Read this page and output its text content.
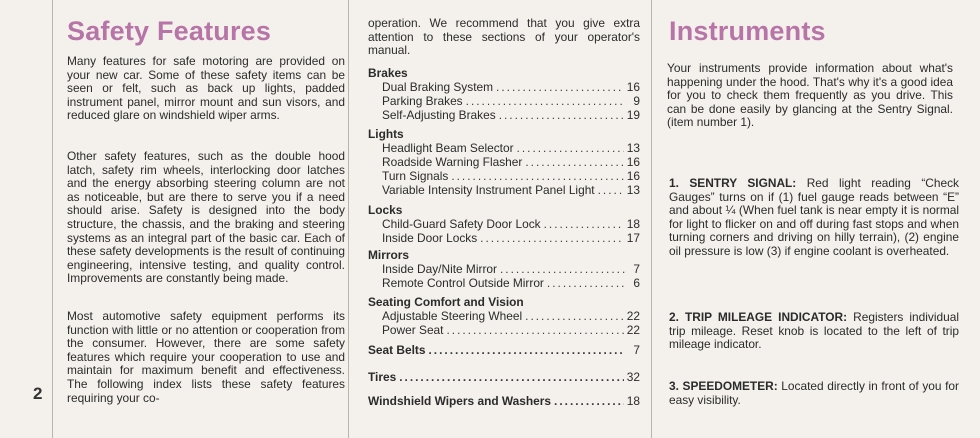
2
Safety Features

Many features for safe motoring are provided on your new car. Some of these safety items can be seen or felt, such as back up lights, padded instrument panel, mirror mount and sun visors, and reduced glare on windshield wiper arms.

Other safety features, such as the double hood latch, safety rim wheels, interlocking door latches and the energy absorbing steering column are not as noticeable, but are there to serve you if a need should arise. Safety is designed into the body structure, the chassis, and the braking and steering systems as an integral part of the basic car. Each of these safety developments is the result of continuing engineering, intensive testing, and quality control. Improvements are constantly being made.

Most automotive safety equipment performs its function with little or no attention or cooperation from the consumer. However, there are some safety features which require your cooperation to use and maintain for maximum benefit and effectiveness. The following index lists these safety features requiring your co-

operation. We recommend that you give extra attention to these sections of your operator's manual.

Brakes
Dual Braking System .....	16
Parking Brakes .....	9
Self-Adjusting Brakes .....	19
Lights
Headlight Beam Selector .....	13
Roadside Warning Flasher .....	16
Turn Signals .....	16
Variable Intensity Instrument Panel Light .....	13
Locks
Child-Guard Safety Door Lock .....	18
Inside Door Locks .....	17
Mirrors
Inside Day/Nite Mirror .....	7
Remote Control Outside Mirror .....	6
Seating Comfort and Vision
Adjustable Steering Wheel .....	22
Power Seat .....	22
Seat Belts .....	7
Tires .....	32
Windshield Wipers and Washers .....	18
Instruments

Your instruments provide information about what's happening under the hood. That's why it's a good idea for you to check them frequently as you drive. This can be done easily by glancing at the Sentry Signal. (item number 1).

1. SENTRY SIGNAL: Red light reading “Check Gauges” turns on if (1) fuel gauge reads between “E” and about ¼ (When fuel tank is near empty it is normal for light to flicker on and off during fast stops and when turning corners and driving on hilly terrain), (2) engine oil pressure is low (3) if engine coolant is overheated.

2. TRIP MILEAGE INDICATOR: Registers individual trip mileage. Reset knob is located to the left of trip mileage indicator.

3. SPEEDOMETER: Located directly in front of you for easy visibility.
